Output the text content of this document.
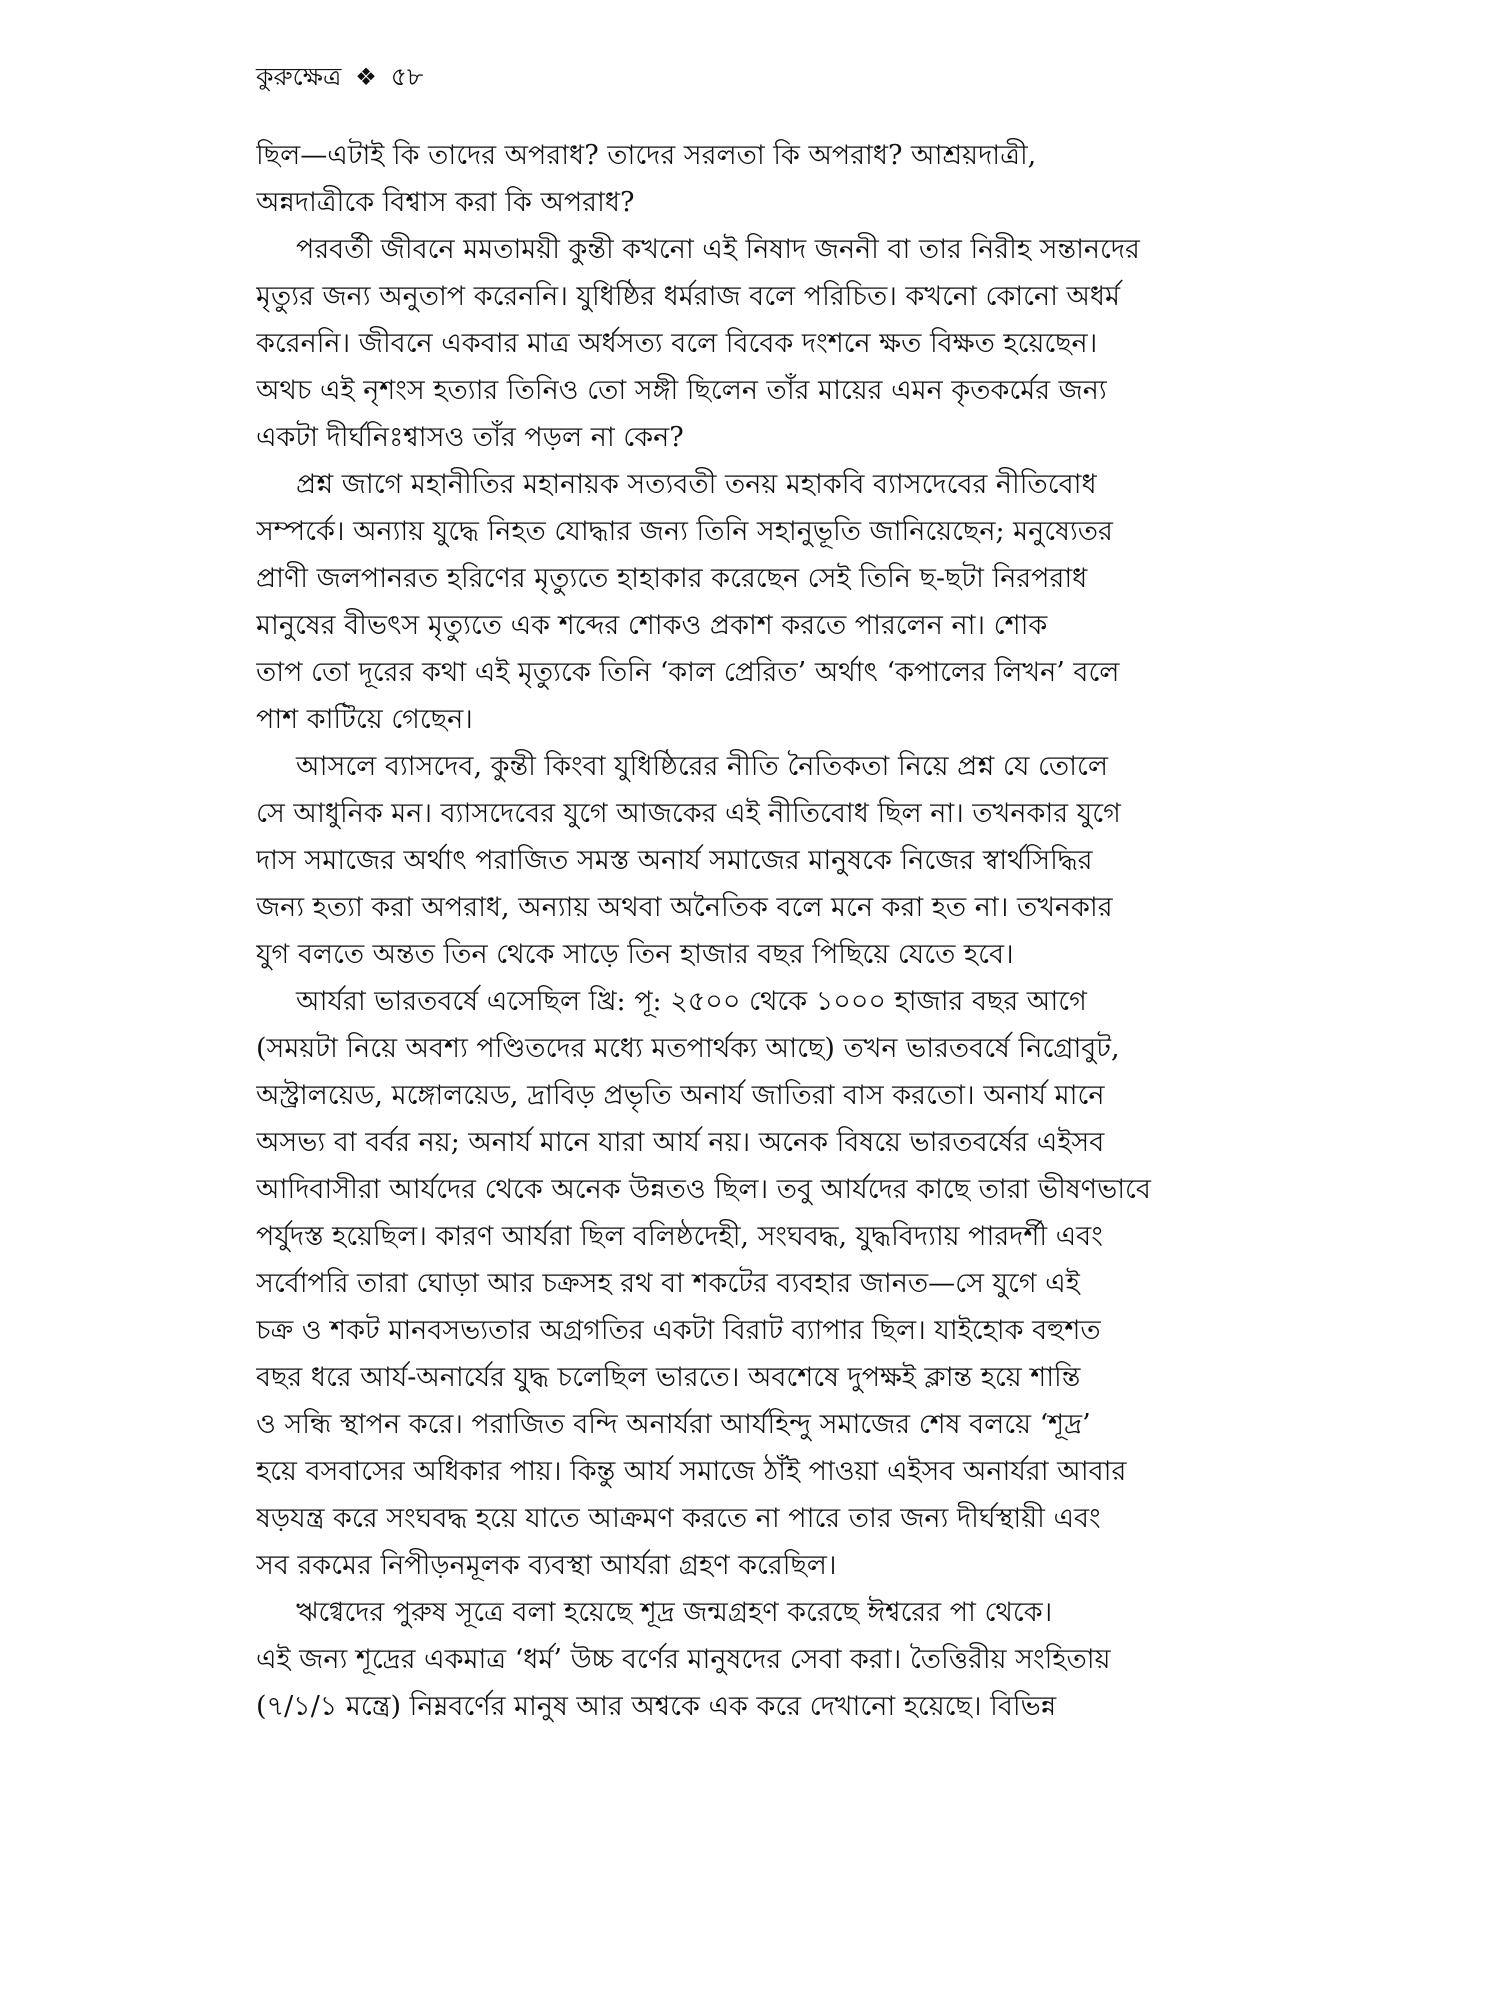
কুরুক্ষেত্র ❖ ৫৮
ছিল—এটাই কি তাদের অপরাধ? তাদের সরলতা কি অপরাধ? আশ্রয়দাত্রী,
অন্নদাত্রীকে বিশ্বাস করা কি অপরাধ?
পরবর্তী জীবনে মমতাময়ী কুন্তী কখনো এই নিষাদ জননী বা তার নিরীহ সন্তানদের
মৃত্যুর জন্য অনুতাপ করেননি। যুধিষ্ঠির ধর্মরাজ বলে পরিচিত। কখনো কোনো অধর্ম
করেননি। জীবনে একবার মাত্র অর্ধসত্য বলে বিবেক দংশনে ক্ষত বিক্ষত হয়েছেন।
অথচ এই নৃশংস হত্যার তিনিও তো সঙ্গী ছিলেন তাঁর মায়ের এমন কৃতকর্মের জন্য
একটা দীর্ঘনিঃশ্বাসও তাঁর পড়ল না কেন?
প্রশ্ন জাগে মহানীতির মহানায়ক সত্যবতী তনয় মহাকবি ব্যাসদেবের নীতিবোধ
সম্পর্কে। অন্যায় যুদ্ধে নিহত যোদ্ধার জন্য তিনি সহানুভূতি জানিয়েছেন; মনুষ্যেতর
প্রাণী জলপানরত হরিণের মৃত্যুতে হাহাকার করেছেন সেই তিনি ছ-ছটা নিরপরাধ
মানুষের বীভৎস মৃত্যুতে এক শব্দের শোকও প্রকাশ করতে পারলেন না। শোক
তাপ তো দূরের কথা এই মৃত্যুকে তিনি ‘কাল প্রেরিত’ অর্থাৎ ‘কপালের লিখন’ বলে
পাশ কাটিয়ে গেছেন।
আসলে ব্যাসদেব, কুন্তী কিংবা যুধিষ্ঠিরের নীতি নৈতিকতা নিয়ে প্রশ্ন যে তোলে
সে আধুনিক মন। ব্যাসদেবের যুগে আজকের এই নীতিবোধ ছিল না। তখনকার যুগে
দাস সমাজের অর্থাৎ পরাজিত সমস্ত অনার্য সমাজের মানুষকে নিজের স্বার্থসিদ্ধির
জন্য হত্যা করা অপরাধ, অন্যায় অথবা অনৈতিক বলে মনে করা হত না। তখনকার
যুগ বলতে অন্তত তিন থেকে সাড়ে তিন হাজার বছর পিছিয়ে যেতে হবে।
আর্যরা ভারতবর্ষে এসেছিল খ্রি: পূ: ২৫০০ থেকে ১০০০ হাজার বছর আগে
(সময়টা নিয়ে অবশ্য পণ্ডিতদের মধ্যে মতপার্থক্য আছে) তখন ভারতবর্ষে নিগ্রোবুট,
অস্ট্রালয়েড, মঙ্গোলয়েড, দ্রাবিড় প্রভৃতি অনার্য জাতিরা বাস করতো। অনার্য মানে
অসভ্য বা বর্বর নয়; অনার্য মানে যারা আর্য নয়। অনেক বিষয়ে ভারতবর্ষের এইসব
আদিবাসীরা আর্যদের থেকে অনেক উন্নতও ছিল। তবু আর্যদের কাছে তারা ভীষণভাবে
পর্যুদস্ত হয়েছিল। কারণ আর্যরা ছিল বলিষ্ঠদেহী, সংঘবদ্ধ, যুদ্ধবিদ্যায় পারদর্শী এবং
সর্বোপরি তারা ঘোড়া আর চক্রসহ রথ বা শকটের ব্যবহার জানত—সে যুগে এই
চক্র ও শকট মানবসভ্যতার অগ্রগতির একটা বিরাট ব্যাপার ছিল। যাইহোক বহুশত
বছর ধরে আর্য-অনার্যের যুদ্ধ চলেছিল ভারতে। অবশেষে দুপক্ষই ক্লান্ত হয়ে শান্তি
ও সন্ধি স্থাপন করে। পরাজিত বন্দি অনার্যরা আর্যহিন্দু সমাজের শেষ বলয়ে ‘শূদ্র’
হয়ে বসবাসের অধিকার পায়। কিন্তু আর্য সমাজে ঠাঁই পাওয়া এইসব অনার্যরা আবার
ষড়যন্ত্র করে সংঘবদ্ধ হয়ে যাতে আক্রমণ করতে না পারে তার জন্য দীর্ঘস্থায়ী এবং
সব রকমের নিপীড়নমূলক ব্যবস্থা আর্যরা গ্রহণ করেছিল।
ঋগ্বেদের পুরুষ সূত্রে বলা হয়েছে শূদ্র জন্মগ্রহণ করেছে ঈশ্বরের পা থেকে।
এই জন্য শূদ্রের একমাত্র ‘ধর্ম’ উচ্চ বর্ণের মানুষদের সেবা করা। তৈত্তিরীয় সংহিতায়
(৭/১/১ মন্ত্রে) নিম্নবর্ণের মানুষ আর অশ্বকে এক করে দেখানো হয়েছে। বিভিন্ন
